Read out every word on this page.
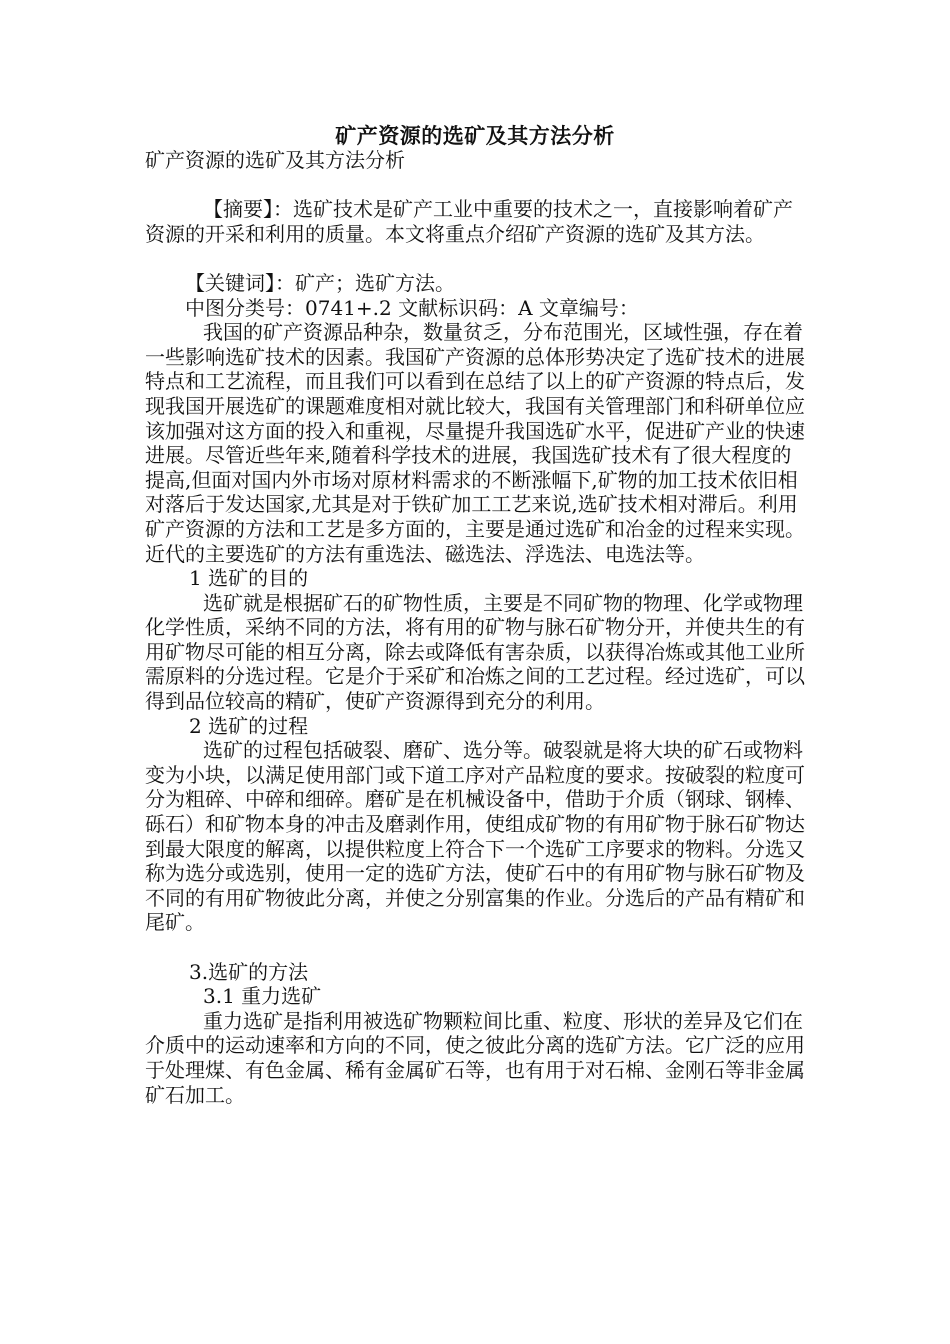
矿产资源的选矿及其方法分析

矿产资源的选矿及其方法分析

【摘要】：选矿技术是矿产工业中重要的技术之一，直接影响着矿产资源的开采和利用的质量。本文将重点介绍矿产资源的选矿及其方法。

【关键词】：矿产；选矿方法。

中图分类号：0741+.2 文献标识码：A 文章编号：

我国的矿产资源品种杂，数量贫乏，分布范围光，区域性强，存在着一些影响选矿技术的因素。我国矿产资源的总体形势决定了选矿技术的进展特点和工艺流程，而且我们可以看到在总结了以上的矿产资源的特点后，发现我国开展选矿的课题难度相对就比较大，我国有关管理部门和科研单位应该加强对这方面的投入和重视，尽量提升我国选矿水平，促进矿产业的快速进展。尽管近些年来,随着科学技术的进展，我国选矿技术有了很大程度的提高,但面对国内外市场对原材料需求的不断涨幅下,矿物的加工技术依旧相对落后于发达国家,尤其是对于铁矿加工工艺来说,选矿技术相对滞后。利用矿产资源的方法和工艺是多方面的，主要是通过选矿和冶金的过程来实现。近代的主要选矿的方法有重选法、磁选法、浮选法、电选法等。

1 选矿的目的

选矿就是根据矿石的矿物性质，主要是不同矿物的物理、化学或物理化学性质，采纳不同的方法，将有用的矿物与脉石矿物分开，并使共生的有用矿物尽可能的相互分离，除去或降低有害杂质，以获得冶炼或其他工业所需原料的分选过程。它是介于采矿和冶炼之间的工艺过程。经过选矿，可以得到品位较高的精矿，使矿产资源得到充分的利用。

2 选矿的过程

选矿的过程包括破裂、磨矿、选分等。破裂就是将大块的矿石或物料变为小块，以满足使用部门或下道工序对产品粒度的要求。按破裂的粒度可分为粗碎、中碎和细碎。磨矿是在机械设备中，借助于介质（钢球、钢棒、砾石）和矿物本身的冲击及磨剥作用，使组成矿物的有用矿物于脉石矿物达到最大限度的解离，以提供粒度上符合下一个选矿工序要求的物料。分选又称为选分或选别，使用一定的选矿方法，使矿石中的有用矿物与脉石矿物及不同的有用矿物彼此分离，并使之分别富集的作业。分选后的产品有精矿和尾矿。

3.选矿的方法

3.1 重力选矿

重力选矿是指利用被选矿物颗粒间比重、粒度、形状的差异及它们在介质中的运动速率和方向的不同，使之彼此分离的选矿方法。它广泛的应用于处理煤、有色金属、稀有金属矿石等，也有用于对石棉、金刚石等非金属矿石加工。
